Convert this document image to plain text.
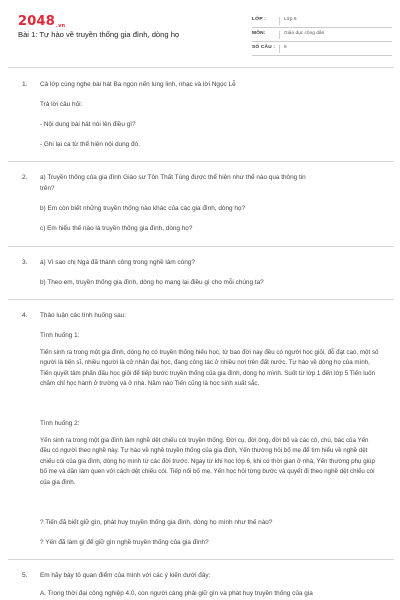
2048.vn
Bài 1: Tự hào về truyền thống gia đình, dòng họ
LỚP :	Lớp 6
MÔN:	Giáo dục công dân
SỐ CÂU : 9
1. Cả lớp cùng nghe bài hát Ba ngọn nến lung linh, nhạc và lời Ngọc Lễ
Trả lời câu hỏi:
- Nội dung bài hát nói lên điều gì?
- Ghi lại ca từ thể hiện nội dung đó.
2. a) Truyền thống của gia đình Giáo sư Tôn Thất Tùng được thể hiện như thế nào qua thông tin
trên?
b) Em còn biết những truyền thống nào khác của các gia đình, dòng họ?
c) Em hiểu thế nào là truyền thống gia đình, dòng họ?
3. a) Vì sao chị Nga đã thành công trong nghề làm cóng?
b) Theo em, truyền thống gia đình, dòng họ mang lại điều gì cho mỗi chúng ta?
4. Thảo luận các tình huống sau:
Tình huống 1:
Tiến sinh ra trong một gia đình, dòng họ có truyền thống hiếu học, từ bao đời nay đều có người học giỏi, đỗ đạt cao, một số người là tiến sĩ, nhiều người là cử nhân đại học, đang công tác ở nhiều nơi trên đất nước. Tự hào về dòng họ của mình, Tiến quyết tâm phấn đấu học giỏi để tiếp bước truyền thống của gia đình, dòng họ mình. Suốt từ lớp 1 đến lớp 5 Tiến luôn chăm chỉ học hành ở trường và ở nhà. Năm nào Tiến cũng là học sinh xuất sắc.
Tình huống 2:
Yến sinh ra trong một gia đình làm nghề dệt chiếu cói truyền thống. Đời cụ, đời ông, đời bố và các cô, chú, bác của Yến đều có người theo nghề này. Tự hào về nghề truyền thống của gia đình, Yến thường hỏi bố mẹ để tìm hiểu về nghề dệt chiếu cói của gia đình, dòng họ mình từ các đời trước. Ngay từ khi học lớp 6, khi có thời gian ở nhà, Yến thường phụ giúp bố mẹ và dần làm quen với cách dệt chiếu cói. Tiếp nối bố mẹ, Yến học hỏi từng bước và quyết đi theo nghề dệt chiếu cói của gia đình.
? Tiến đã biết giữ gìn, phát huy truyền thống gia đình, dòng họ mình như thế nào?
? Yến đã làm gì để giữ gìn nghề truyền thống của gia đình?
5. Em hãy bày tỏ quan điểm của mình với các ý kiến dưới đây:
A. Trong thời đại công nghiệp 4.0, con người càng phải giữ gìn và phát huy truyền thống của gia
